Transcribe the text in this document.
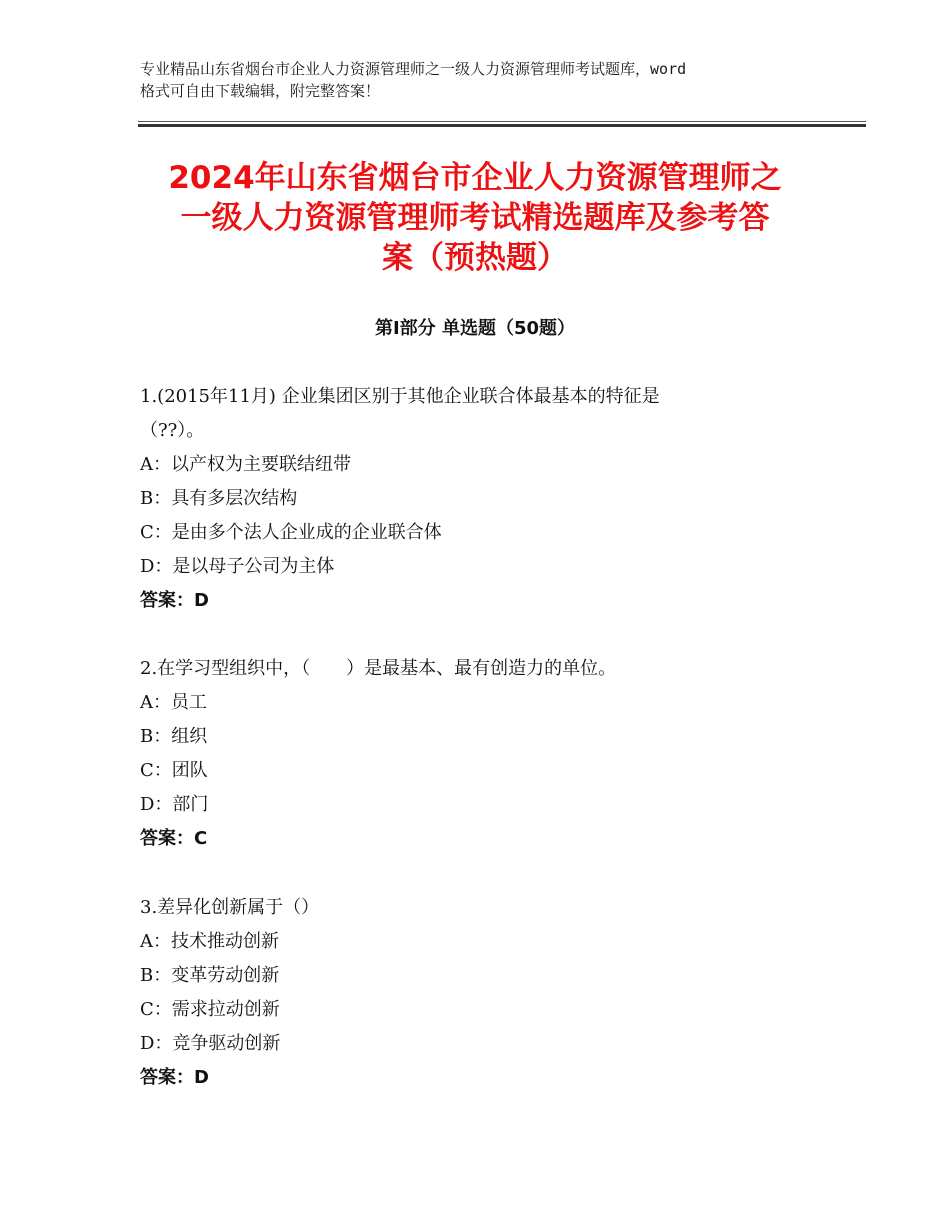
专业精品山东省烟台市企业人力资源管理师之一级人力资源管理师考试题库，word
格式可自由下载编辑，附完整答案！
2024年山东省烟台市企业人力资源管理师之
一级人力资源管理师考试精选题库及参考答
案（预热题）
第Ⅰ部分 单选题（50题）
1.(2015年11月) 企业集团区别于其他企业联合体最基本的特征是
（??）。
A：以产权为主要联结纽带
B：具有多层次结构
C：是由多个法人企业成的企业联合体
D：是以母子公司为主体
答案：D
2.在学习型组织中，（　　）是最基本、最有创造力的单位。
A：员工
B：组织
C：团队
D：部门
答案：C
3.差异化创新属于（）
A：技术推动创新
B：变革劳动创新
C：需求拉动创新
D：竞争驱动创新
答案：D
